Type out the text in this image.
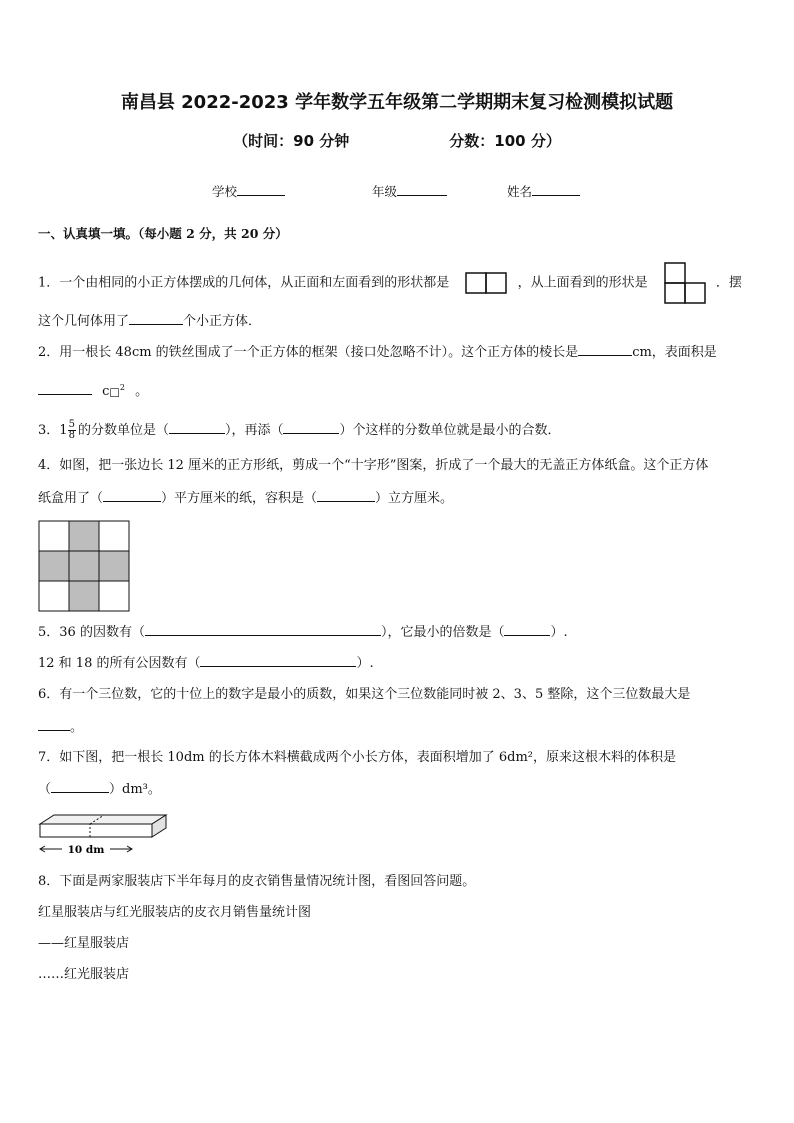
南昌县 2022-2023 学年数学五年级第二学期期末复习检测模拟试题
（时间：90 分钟	分数：100 分）
学校	年级	姓名
一、认真填一填。（每小题 2 分，共 20 分）
1．一个由相同的小正方体摆成的几何体，从正面和左面看到的形状都是	，从上面看到的形状是	．摆
这个几何体用了	个小正方体．
2．用一根长 48cm 的铁丝围成了一个正方体的框架（接口处忽略不计）。这个正方体的棱长是	cm，表面积是
c□$^2$ 。
3．$1 \frac{5}{8}$ 的分数单位是（	），再添（	）个这样的分数单位就是最小的合数．
4．如图，把一张边长 12 厘米的正方形纸，剪成一个“十字形”图案，折成了一个最大的无盖正方体纸盒。这个正方体
纸盒用了（	）平方厘米的纸，容积是（	）立方厘米。
5．36 的因数有（	），它最小的倍数是（	）.
12 和 18 的所有公因数有（	）.
6．有一个三位数，它的十位上的数字是最小的质数，如果这个三位数能同时被 2、3、5 整除，这个三位数最大是
。
7．如下图，把一根长 10dm 的长方体木料横截成两个小长方体，表面积增加了 6dm²，原来这根木料的体积是
（	）dm³。
10 dm
8．下面是两家服装店下半年每月的皮衣销售量情况统计图，看图回答问题。
红星服装店与红光服装店的皮衣月销售量统计图
——红星服装店
……红光服装店
